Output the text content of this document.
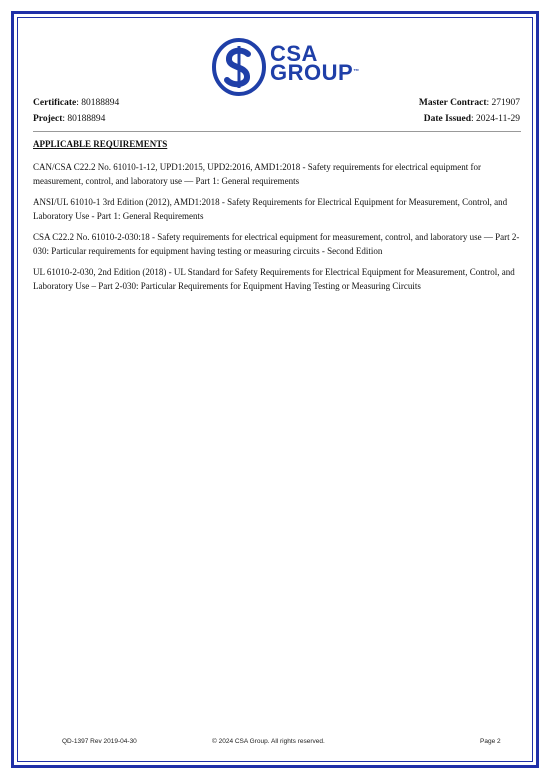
CSA
GROUP™
Certificate: 80188894
Project: 80188894
Master Contract: 271907
Date Issued: 2024-11-29
APPLICABLE REQUIREMENTS

CAN/CSA C22.2 No. 61010-1-12, UPD1:2015, UPD2:2016, AMD1:2018 - Safety requirements for electrical equipment for measurement, control, and laboratory use — Part 1: General requirements

ANSI/UL 61010-1 3rd Edition (2012), AMD1:2018 - Safety Requirements for Electrical Equipment for Measurement, Control, and Laboratory Use - Part 1: General Requirements

CSA C22.2 No. 61010-2-030:18 - Safety requirements for electrical equipment for measurement, control, and laboratory use — Part 2-030: Particular requirements for equipment having testing or measuring circuits - Second Edition

UL 61010-2-030, 2nd Edition (2018) - UL Standard for Safety Requirements for Electrical Equipment for Measurement, Control, and Laboratory Use – Part 2-030: Particular Requirements for Equipment Having Testing or Measuring Circuits

QD-1397 Rev 2019-04-30	© 2024 CSA Group. All rights reserved.	Page 2
